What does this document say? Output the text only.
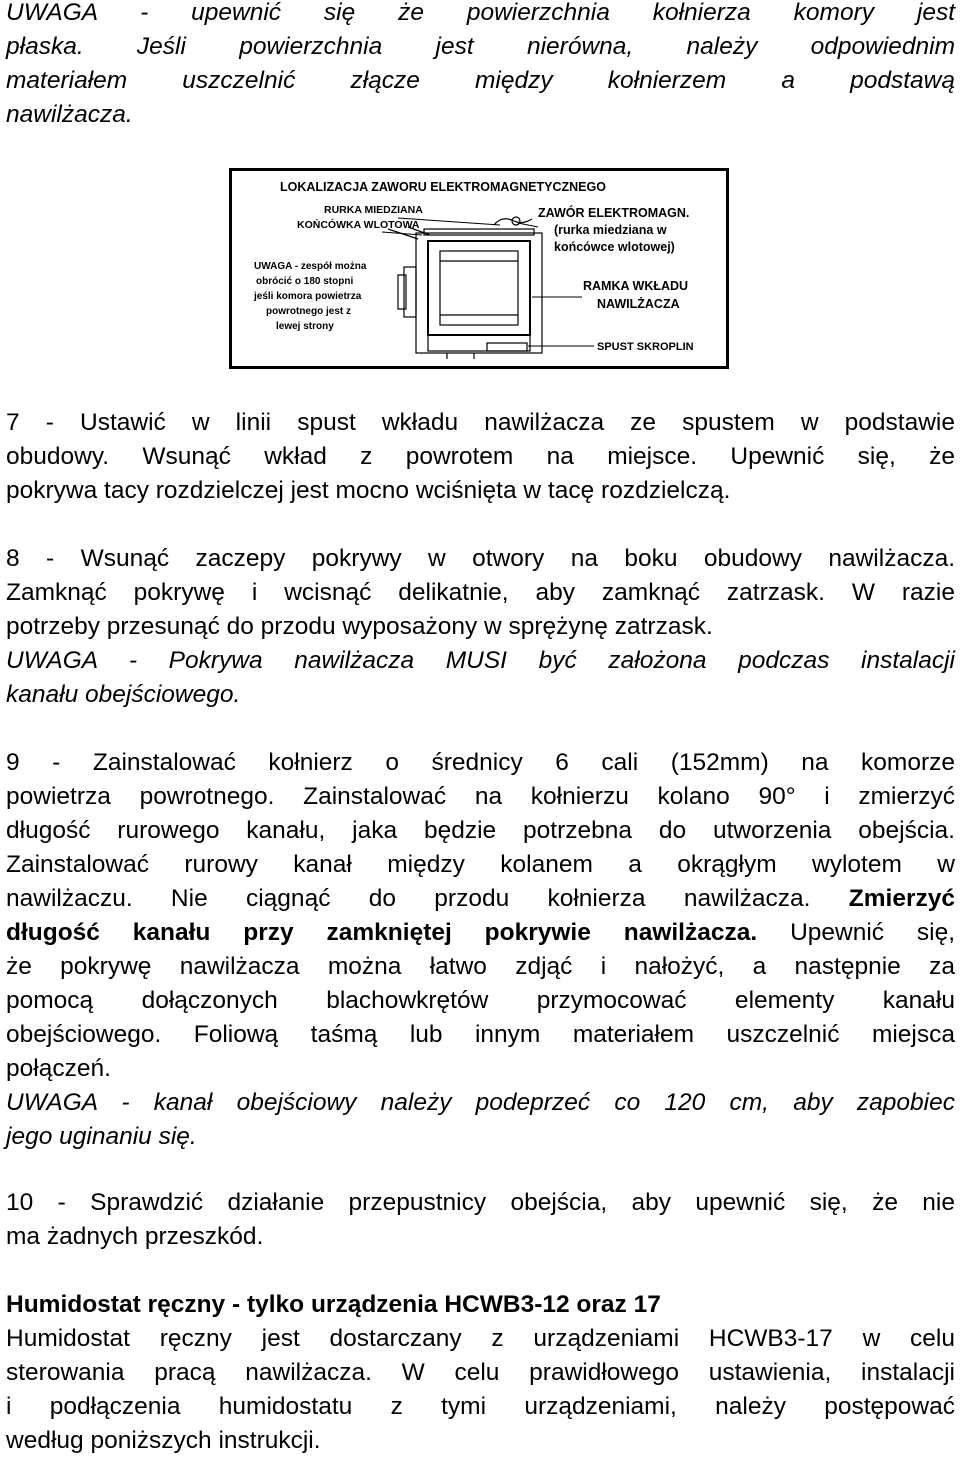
UWAGA - upewnić się że powierzchnia kołnierza komory jest
płaska. Jeśli powierzchnia jest nierówna, należy odpowiednim
materiałem uszczelnić złącze między kołnierzem a podstawą
nawilżacza.
LOKALIZACJA ZAWORU ELEKTROMAGNETYCZNEGO
RURKA MIEDZIANA
KOŃCÓWKA WLOTOWA
ZAWÓR ELEKTROMAGN.
(rurka miedziana w
końcówce wlotowej)
UWAGA - zespół można
obrócić o 180 stopni
jeśli komora powietrza
powrotnego jest z
lewej strony
RAMKA WKŁADU
NAWILŻACZA
SPUST SKROPLIN
7 - Ustawić w linii spust wkładu nawilżacza ze spustem w podstawie
obudowy. Wsunąć wkład z powrotem na miejsce. Upewnić się, że
pokrywa tacy rozdzielczej jest mocno wciśnięta w tacę rozdzielczą.
8 - Wsunąć zaczepy pokrywy w otwory na boku obudowy nawilżacza.
Zamknąć pokrywę i wcisnąć delikatnie, aby zamknąć zatrzask. W razie
potrzeby przesunąć do przodu wyposażony w sprężynę zatrzask.
UWAGA - Pokrywa nawilżacza MUSI być założona podczas instalacji
kanału obejściowego.
9 - Zainstalować kołnierz o średnicy 6 cali (152mm) na komorze
powietrza powrotnego. Zainstalować na kołnierzu kolano 90° i zmierzyć
długość rurowego kanału, jaka będzie potrzebna do utworzenia obejścia.
Zainstalować rurowy kanał między kolanem a okrągłym wylotem w
nawilżaczu. Nie ciągnąć do przodu kołnierza nawilżacza. Zmierzyć
długość kanału przy zamkniętej pokrywie nawilżacza. Upewnić się,
że pokrywę nawilżacza można łatwo zdjąć i nałożyć, a następnie za
pomocą dołączonych blachowkrętów przymocować elementy kanału
obejściowego. Foliową taśmą lub innym materiałem uszczelnić miejsca
połączeń.
UWAGA - kanał obejściowy należy podeprzeć co 120 cm, aby zapobiec
jego uginaniu się.
10 - Sprawdzić działanie przepustnicy obejścia, aby upewnić się, że nie
ma żadnych przeszkód.
Humidostat ręczny - tylko urządzenia HCWB3-12 oraz 17
Humidostat ręczny jest dostarczany z urządzeniami HCWB3-17 w celu
sterowania pracą nawilżacza. W celu prawidłowego ustawienia, instalacji
i podłączenia humidostatu z tymi urządzeniami, należy postępować
według poniższych instrukcji.
